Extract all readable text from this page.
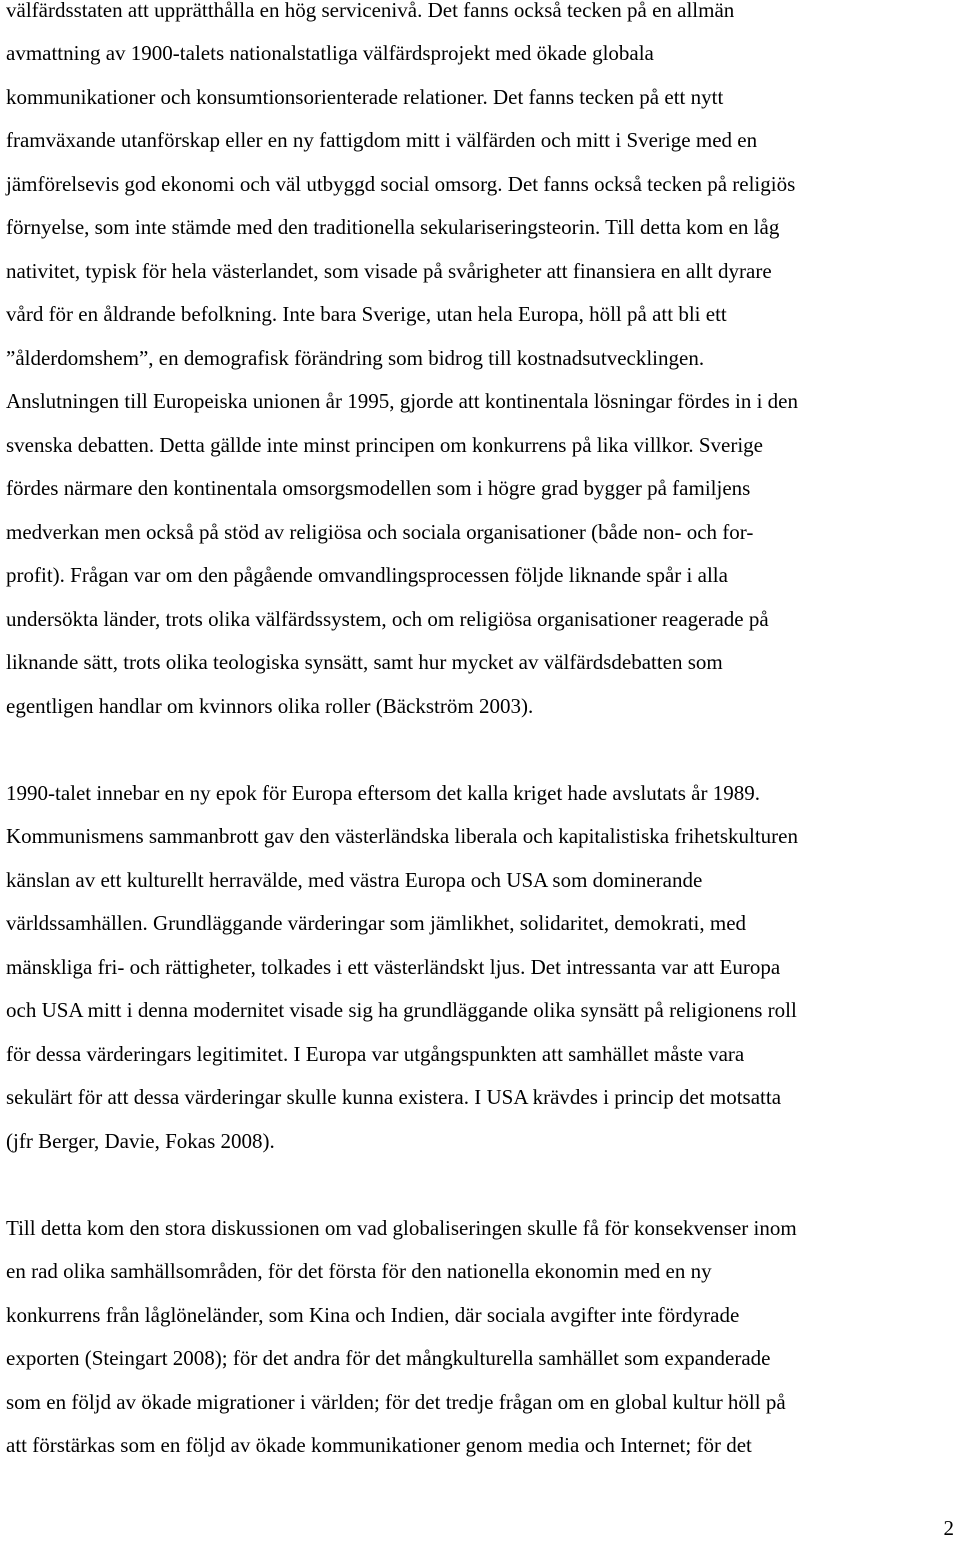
välfärdsstaten att upprätthålla en hög servicenivå. Det fanns också tecken på en allmän
avmattning av 1900-talets nationalstatliga välfärdsprojekt med ökade globala
kommunikationer och konsumtionsorienterade relationer. Det fanns tecken på ett nytt
framväxande utanförskap eller en ny fattigdom mitt i välfärden och mitt i Sverige med en
jämförelsevis god ekonomi och väl utbyggd social omsorg. Det fanns också tecken på religiös
förnyelse, som inte stämde med den traditionella sekulariseringsteorin. Till detta kom en låg
nativitet, typisk för hela västerlandet, som visade på svårigheter att finansiera en allt dyrare
vård för en åldrande befolkning. Inte bara Sverige, utan hela Europa, höll på att bli ett
”ålderdomshem”, en demografisk förändring som bidrog till kostnadsutvecklingen.
Anslutningen till Europeiska unionen år 1995, gjorde att kontinentala lösningar fördes in i den
svenska debatten. Detta gällde inte minst principen om konkurrens på lika villkor. Sverige
fördes närmare den kontinentala omsorgsmodellen som i högre grad bygger på familjens
medverkan men också på stöd av religiösa och sociala organisationer (både non- och for-
profit). Frågan var om den pågående omvandlingsprocessen följde liknande spår i alla
undersökta länder, trots olika välfärdssystem, och om religiösa organisationer reagerade på
liknande sätt, trots olika teologiska synsätt, samt hur mycket av välfärdsdebatten som
egentligen handlar om kvinnors olika roller (Bäckström 2003).
1990-talet innebar en ny epok för Europa eftersom det kalla kriget hade avslutats år 1989.
Kommunismens sammanbrott gav den västerländska liberala och kapitalistiska frihetskulturen
känslan av ett kulturellt herravälde, med västra Europa och USA som dominerande
världssamhällen. Grundläggande värderingar som jämlikhet, solidaritet, demokrati, med
mänskliga fri- och rättigheter, tolkades i ett västerländskt ljus. Det intressanta var att Europa
och USA mitt i denna modernitet visade sig ha grundläggande olika synsätt på religionens roll
för dessa värderingars legitimitet. I Europa var utgångspunkten att samhället måste vara
sekulärt för att dessa värderingar skulle kunna existera. I USA krävdes i princip det motsatta
(jfr Berger, Davie, Fokas 2008).
Till detta kom den stora diskussionen om vad globaliseringen skulle få för konsekvenser inom
en rad olika samhällsområden, för det första för den nationella ekonomin med en ny
konkurrens från låglöneländer, som Kina och Indien, där sociala avgifter inte fördyrade
exporten (Steingart 2008); för det andra för det mångkulturella samhället som expanderade
som en följd av ökade migrationer i världen; för det tredje frågan om en global kultur höll på
att förstärkas som en följd av ökade kommunikationer genom media och Internet; för det
2
